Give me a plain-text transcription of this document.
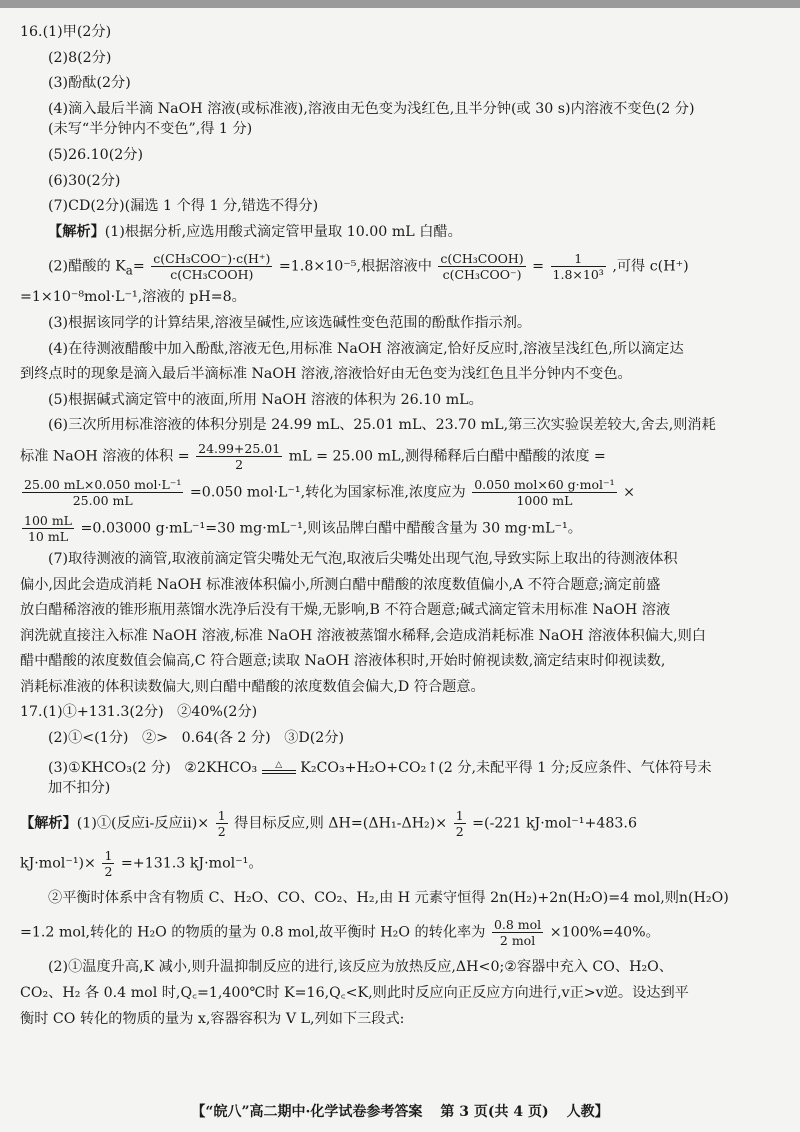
16.(1)甲(2分)
(2)8(2分)
(3)酚酞(2分)
(4)滴入最后半滴 NaOH 溶液(或标准液),溶液由无色变为浅红色,且半分钟(或 30 s)内溶液不变色(2 分)
(未写“半分钟内不变色”,得 1 分)
(5)26.10(2分)
(6)30(2分)
(7)CD(2分)(漏选 1 个得 1 分,错选不得分)
【解析】(1)根据分析,应选用酸式滴定管甲量取 10.00 mL 白醋。
(2)醋酸的 $K_a= \frac{\text{c(CH₃COO⁻)·c(H⁺)}}{\text{c(CH₃COOH)}} =1.8\times 10^{-5}$,根据溶液中 $\frac{\text{c(CH₃COOH)}}{\text{c(CH₃COO⁻)}} = \frac{1}{\text{1.8×10³}}$ ,可得 c(H⁺)
=1×10⁻⁸mol·L⁻¹,溶液的 pH=8。
(3)根据该同学的计算结果,溶液呈碱性,应该选碱性变色范围的酚酞作指示剂。
(4)在待测液醋酸中加入酚酞,溶液无色,用标准 NaOH 溶液滴定,恰好反应时,溶液呈浅红色,所以滴定达
到终点时的现象是滴入最后半滴标准 NaOH 溶液,溶液恰好由无色变为浅红色且半分钟内不变色。
(5)根据碱式滴定管中的液面,所用 NaOH 溶液的体积为 26.10 mL。
(6)三次所用标准溶液的体积分别是 24.99 mL、25.01 mL、23.70 mL,第三次实验误差较大,舍去,则消耗
标准 NaOH 溶液的体积 = $\frac{24.99+25.01}{2}$ mL = 25.00 mL,测得稀释后白醋中醋酸的浓度 =
$\frac{\text{25.00 mL×0.050 mol·L⁻¹}}{25.00 mL} =0.050$ mol·L⁻¹,转化为国家标准,浓度应为 $\frac{\text{0.050 mol×60 g·mol⁻¹}}{1000 mL}$ ×
$\frac{100 mL}{10 mL} =0.03000$ g·mL⁻¹=30 mg·mL⁻¹,则该品牌白醋中醋酸含量为 30 mg·mL⁻¹。
(7)取待测液的滴管,取液前滴定管尖嘴处无气泡,取液后尖嘴处出现气泡,导致实际上取出的待测液体积
偏小,因此会造成消耗 NaOH 标准液体积偏小,所测白醋中醋酸的浓度数值偏小,A 不符合题意;滴定前盛
放白醋稀溶液的锥形瓶用蒸馏水洗净后没有干燥,无影响,B 不符合题意;碱式滴定管未用标准 NaOH 溶液
润洗就直接注入标准 NaOH 溶液,标准 NaOH 溶液被蒸馏水稀释,会造成消耗标准 NaOH 溶液体积偏大,则白
醋中醋酸的浓度数值会偏高,C 符合题意;读取 NaOH 溶液体积时,开始时俯视读数,滴定结束时仰视读数,
消耗标准液的体积读数偏大,则白醋中醋酸的浓度数值会偏大,D 符合题意。
17.(1)①+131.3(2分)   ②40%(2分)
(2)①<(1分)   ②>   0.64(各 2 分)   ③D(2分)
(3)①KHCO₃(2 分)   ②2KHCO₃	△	K₂CO₃+H₂O+CO₂↑(2 分,未配平得 1 分;反应条件、气体符号未
加不扣分)
【解析】(1)①(反应ⅰ-反应ⅱ)× $\frac{1}{2}$ 得目标反应,则 $\Delta H=(\Delta H_1-\Delta H_2)\times \frac{1}{2} =(-221$ kJ·mol⁻¹+483.6
$kJ\cdot mol^{-1})\times \frac{1}{2} =+131.3$ kJ·mol⁻¹。
②平衡时体系中含有物质 C、H₂O、CO、CO₂、H₂,由 H 元素守恒得 2n(H₂)+2n(H₂O)=4 mol,则n(H₂O)
=1.2 mol,转化的 H₂O 的物质的量为 0.8 mol,故平衡时 H₂O 的转化率为 $\frac{\text{0.8 mol}}{\text{2 mol}} \times 100\%=40\%$。
(2)①温度升高,K 减小,则升温抑制反应的进行,该反应为放热反应,ΔH<0;②容器中充入 CO、H₂O、
CO₂、H₂ 各 0.4 mol 时,Q꜀=1,400℃时 K=16,Q꜀<K,则此时反应向正反应方向进行,v正>v逆。设达到平
衡时 CO 转化的物质的量为 x,容器容积为 V L,列如下三段式:
【“皖八”高二期中·化学试卷参考答案 第 3 页(共 4 页) 人教】
